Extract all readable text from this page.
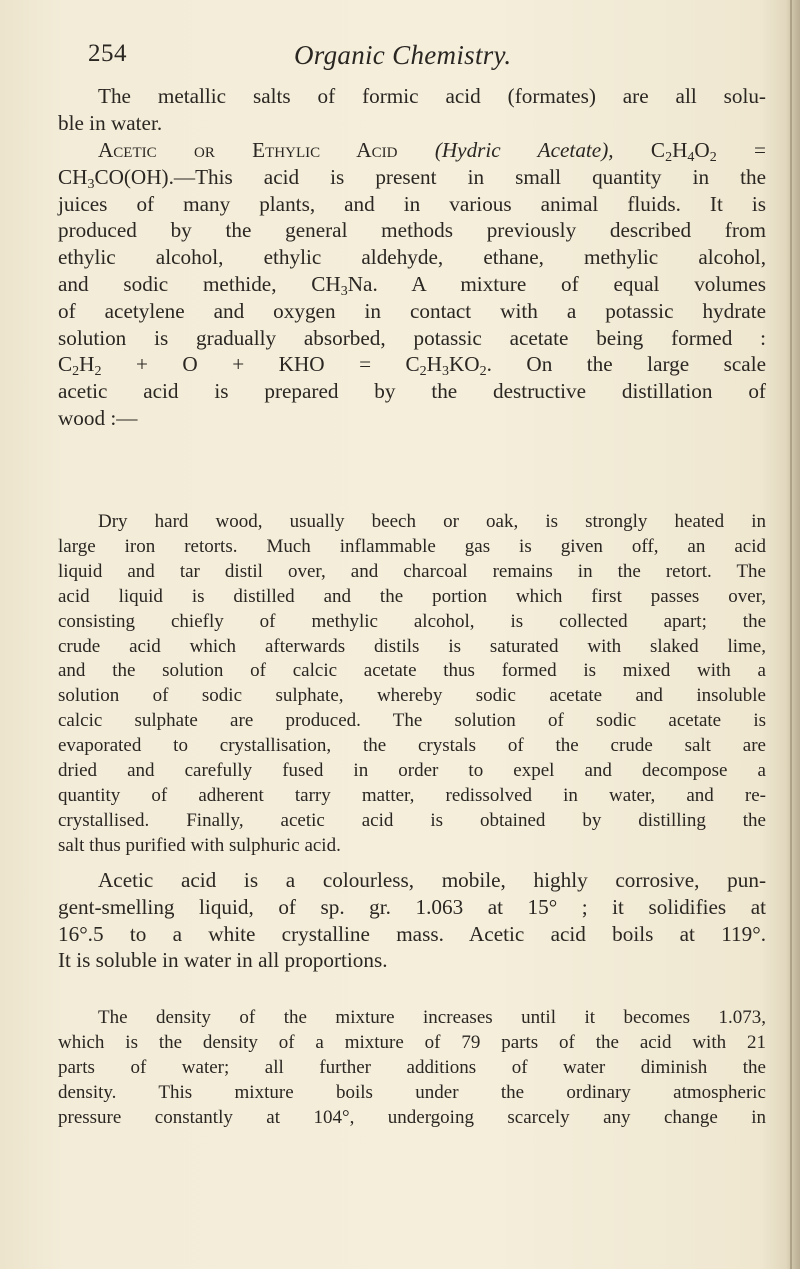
254	Organic Chemistry.
The metallic salts of formic acid (formates) are all solu-
ble in water.
Acetic or Ethylic Acid (Hydric Acetate), $C_2H_4O_2$ =
$CH_3CO(OH).—This$ acid is present in small quantity in the
juices of many plants, and in various animal fluids. It is
produced by the general methods previously described from
ethylic alcohol, ethylic aldehyde, ethane, methylic alcohol,
and sodic methide, $CH_3Na$. A mixture of equal volumes
of acetylene and oxygen in contact with a potassic hydrate
solution is gradually absorbed, potassic acetate being formed :
$C_2H_2 + O$ + KHO = $C_2H_3KO_2$. On the large scale
acetic acid is prepared by the destructive distillation of
wood :—
Dry hard wood, usually beech or oak, is strongly heated in
large iron retorts. Much inflammable gas is given off, an acid
liquid and tar distil over, and charcoal remains in the retort. The
acid liquid is distilled and the portion which first passes over,
consisting chiefly of methylic alcohol, is collected apart; the
crude acid which afterwards distils is saturated with slaked lime,
and the solution of calcic acetate thus formed is mixed with a
solution of sodic sulphate, whereby sodic acetate and insoluble
calcic sulphate are produced. The solution of sodic acetate is
evaporated to crystallisation, the crystals of the crude salt are
dried and carefully fused in order to expel and decompose a
quantity of adherent tarry matter, redissolved in water, and re-
crystallised. Finally, acetic acid is obtained by distilling the
salt thus purified with sulphuric acid.
Acetic acid is a colourless, mobile, highly corrosive, pun-
gent-smelling liquid, of sp. gr. 1.063 at 15° ; it solidifies at
16°.5 to a white crystalline mass. Acetic acid boils at 119°.
It is soluble in water in all proportions.
The density of the mixture increases until it becomes 1.073,
which is the density of a mixture of 79 parts of the acid with 21
parts of water; all further additions of water diminish the
density. This mixture boils under the ordinary atmospheric
pressure constantly at 104°, undergoing scarcely any change in
